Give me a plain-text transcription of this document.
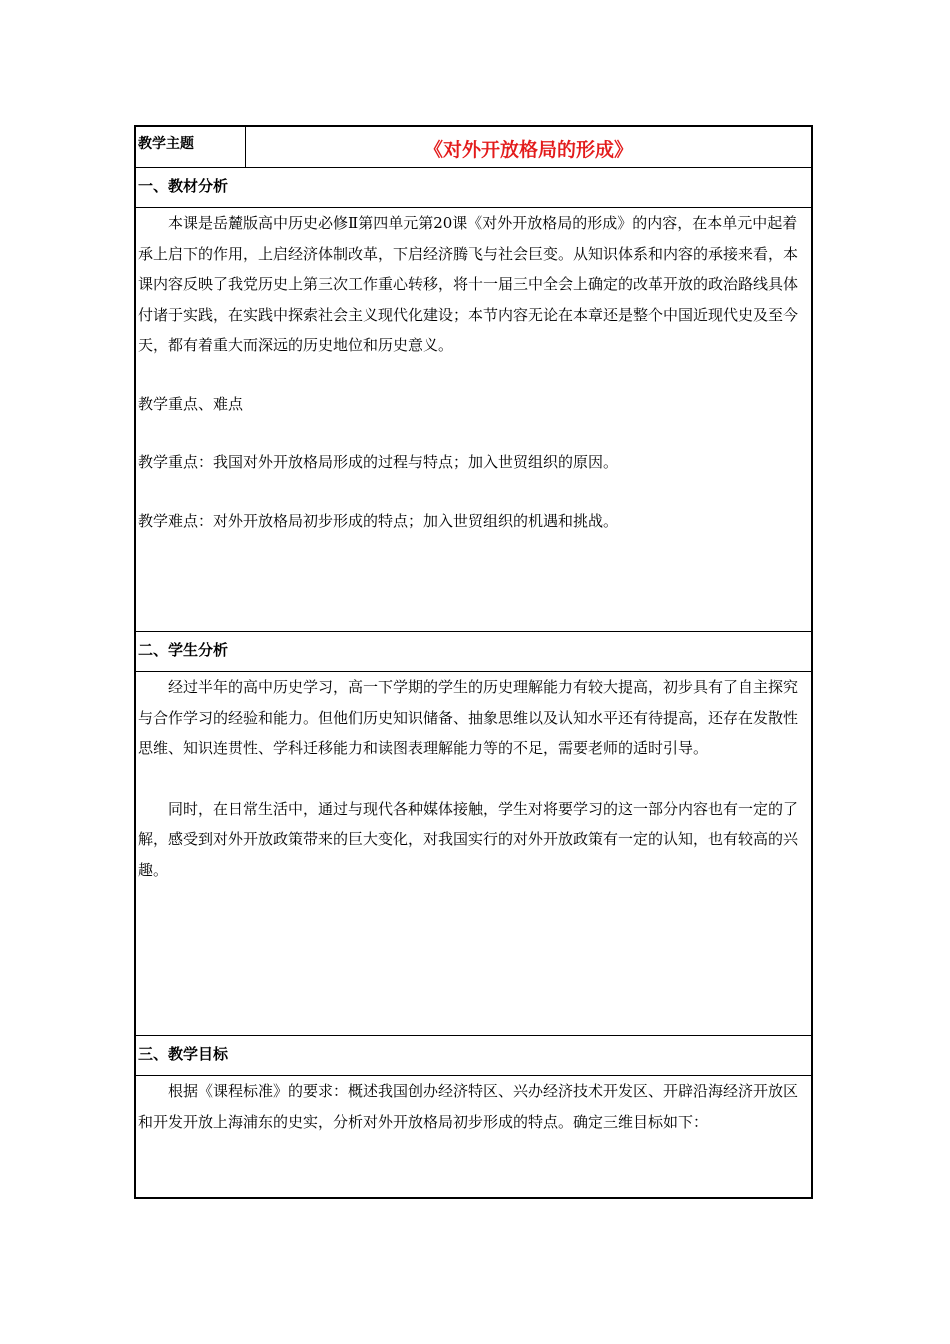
教学主题	《对外开放格局的形成》
一、教材分析

本课是岳麓版高中历史必修Ⅱ第四单元第20课《对外开放格局的形成》的内容，在本单元中起着承上启下的作用，上启经济体制改革，下启经济腾飞与社会巨变。从知识体系和内容的承接来看，本课内容反映了我党历史上第三次工作重心转移，将十一届三中全会上确定的改革开放的政治路线具体付诸于实践，在实践中探索社会主义现代化建设；本节内容无论在本章还是整个中国近现代史及至今天，都有着重大而深远的历史地位和历史意义。

教学重点、难点

教学重点：我国对外开放格局形成的过程与特点；加入世贸组织的原因。

教学难点：对外开放格局初步形成的特点；加入世贸组织的机遇和挑战。

二、学生分析

经过半年的高中历史学习，高一下学期的学生的历史理解能力有较大提高，初步具有了自主探究与合作学习的经验和能力。但他们历史知识储备、抽象思维以及认知水平还有待提高，还存在发散性思维、知识连贯性、学科迁移能力和读图表理解能力等的不足，需要老师的适时引导。

同时，在日常生活中，通过与现代各种媒体接触，学生对将要学习的这一部分内容也有一定的了解，感受到对外开放政策带来的巨大变化，对我国实行的对外开放政策有一定的认知，也有较高的兴趣。

三、教学目标

根据《课程标准》的要求：概述我国创办经济特区、兴办经济技术开发区、开辟沿海经济开放区和开发开放上海浦东的史实，分析对外开放格局初步形成的特点。确定三维目标如下：
